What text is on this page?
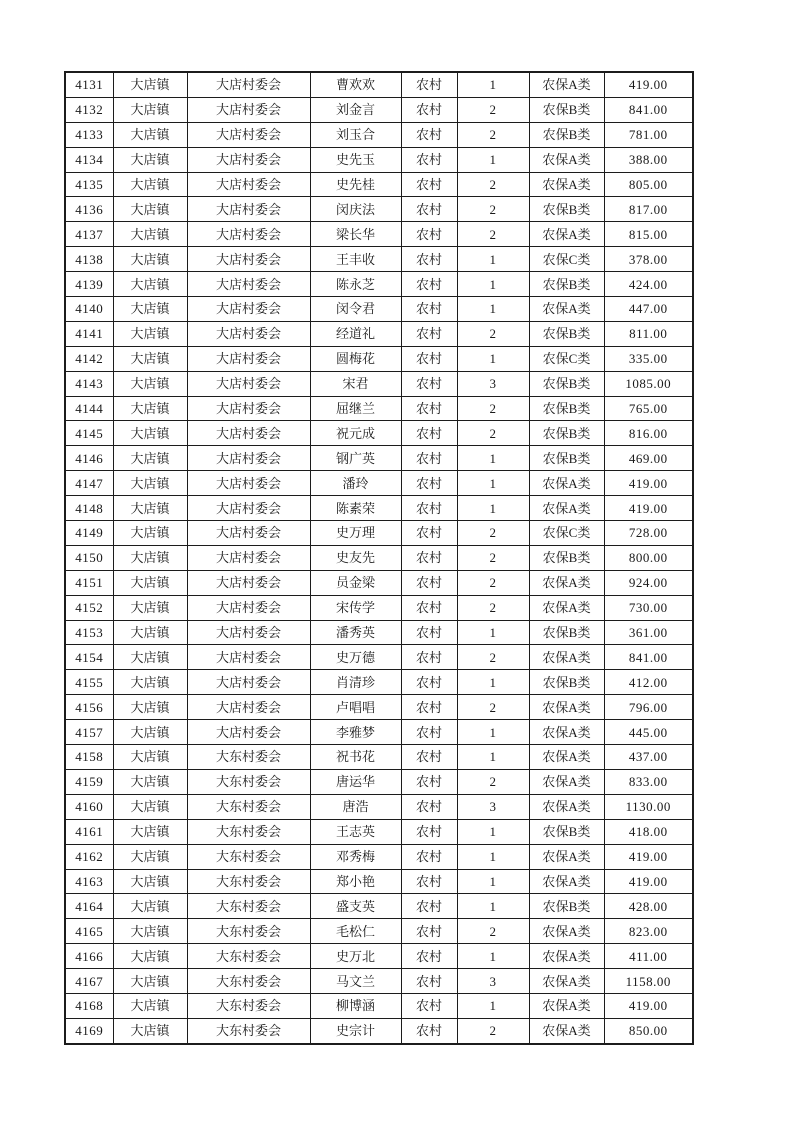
4131	大店镇	大店村委会	曹欢欢	农村	1	农保A类	419.00
4132	大店镇	大店村委会	刘金言	农村	2	农保B类	841.00
4133	大店镇	大店村委会	刘玉合	农村	2	农保B类	781.00
4134	大店镇	大店村委会	史先玉	农村	1	农保A类	388.00
4135	大店镇	大店村委会	史先桂	农村	2	农保A类	805.00
4136	大店镇	大店村委会	闵庆法	农村	2	农保B类	817.00
4137	大店镇	大店村委会	梁长华	农村	2	农保A类	815.00
4138	大店镇	大店村委会	王丰收	农村	1	农保C类	378.00
4139	大店镇	大店村委会	陈永芝	农村	1	农保B类	424.00
4140	大店镇	大店村委会	闵令君	农村	1	农保A类	447.00
4141	大店镇	大店村委会	经道礼	农村	2	农保B类	811.00
4142	大店镇	大店村委会	圆梅花	农村	1	农保C类	335.00
4143	大店镇	大店村委会	宋君	农村	3	农保B类	1085.00
4144	大店镇	大店村委会	屈继兰	农村	2	农保B类	765.00
4145	大店镇	大店村委会	祝元成	农村	2	农保B类	816.00
4146	大店镇	大店村委会	钢广英	农村	1	农保B类	469.00
4147	大店镇	大店村委会	潘玲	农村	1	农保A类	419.00
4148	大店镇	大店村委会	陈素荣	农村	1	农保A类	419.00
4149	大店镇	大店村委会	史万理	农村	2	农保C类	728.00
4150	大店镇	大店村委会	史友先	农村	2	农保B类	800.00
4151	大店镇	大店村委会	员金梁	农村	2	农保A类	924.00
4152	大店镇	大店村委会	宋传学	农村	2	农保A类	730.00
4153	大店镇	大店村委会	潘秀英	农村	1	农保B类	361.00
4154	大店镇	大店村委会	史万德	农村	2	农保A类	841.00
4155	大店镇	大店村委会	肖清珍	农村	1	农保B类	412.00
4156	大店镇	大店村委会	卢唱唱	农村	2	农保A类	796.00
4157	大店镇	大店村委会	李雅梦	农村	1	农保A类	445.00
4158	大店镇	大东村委会	祝书花	农村	1	农保A类	437.00
4159	大店镇	大东村委会	唐运华	农村	2	农保A类	833.00
4160	大店镇	大东村委会	唐浩	农村	3	农保A类	1130.00
4161	大店镇	大东村委会	王志英	农村	1	农保B类	418.00
4162	大店镇	大东村委会	邓秀梅	农村	1	农保A类	419.00
4163	大店镇	大东村委会	郑小艳	农村	1	农保A类	419.00
4164	大店镇	大东村委会	盛支英	农村	1	农保B类	428.00
4165	大店镇	大东村委会	毛松仁	农村	2	农保A类	823.00
4166	大店镇	大东村委会	史万北	农村	1	农保A类	411.00
4167	大店镇	大东村委会	马文兰	农村	3	农保A类	1158.00
4168	大店镇	大东村委会	柳博涵	农村	1	农保A类	419.00
4169	大店镇	大东村委会	史宗计	农村	2	农保A类	850.00
